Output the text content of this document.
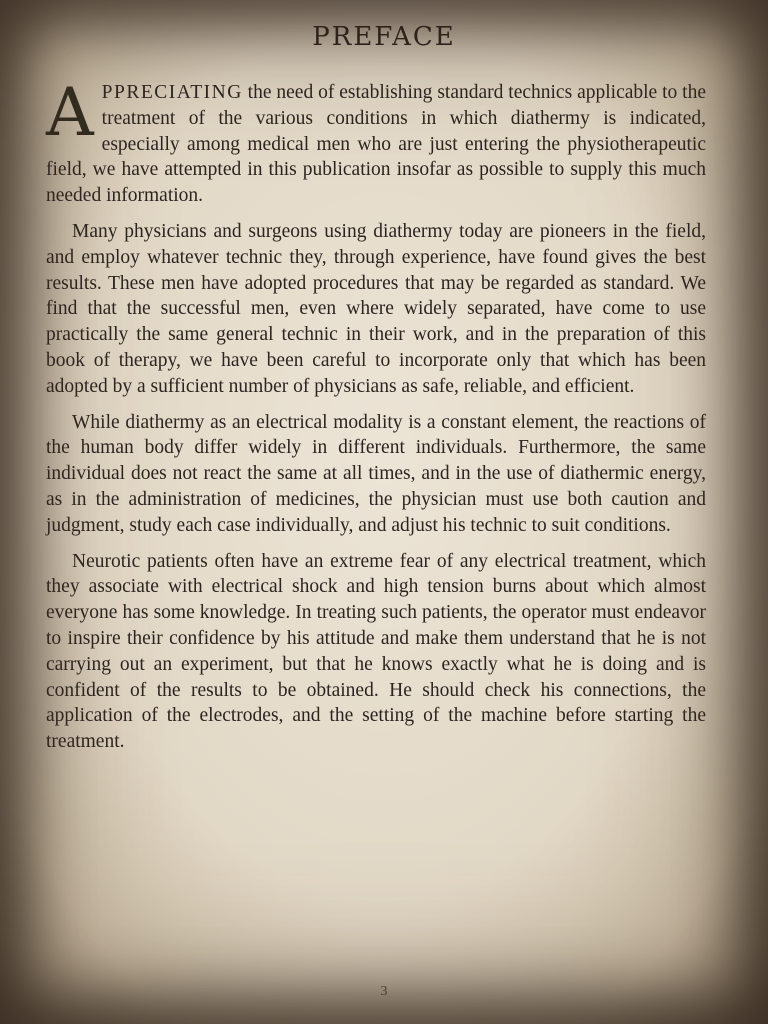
PREFACE

APPRECIATING the need of establishing standard technics applicable to the treatment of the various conditions in which diathermy is indicated, especially among medical men who are just entering the physiotherapeutic field, we have attempted in this publication insofar as possible to supply this much needed information.

Many physicians and surgeons using diathermy today are pioneers in the field, and employ whatever technic they, through experience, have found gives the best results. These men have adopted procedures that may be regarded as standard. We find that the successful men, even where widely separated, have come to use practically the same general technic in their work, and in the preparation of this book of therapy, we have been careful to incorporate only that which has been adopted by a sufficient number of physicians as safe, reliable, and efficient.

While diathermy as an electrical modality is a constant element, the reactions of the human body differ widely in different individuals. Furthermore, the same individual does not react the same at all times, and in the use of diathermic energy, as in the administration of medicines, the physician must use both caution and judgment, study each case individually, and adjust his technic to suit conditions.

Neurotic patients often have an extreme fear of any electrical treatment, which they associate with electrical shock and high tension burns about which almost everyone has some knowledge. In treating such patients, the operator must endeavor to inspire their confidence by his attitude and make them understand that he is not carrying out an experiment, but that he knows exactly what he is doing and is confident of the results to be obtained. He should check his connections, the application of the electrodes, and the setting of the machine before starting the treatment.

3
